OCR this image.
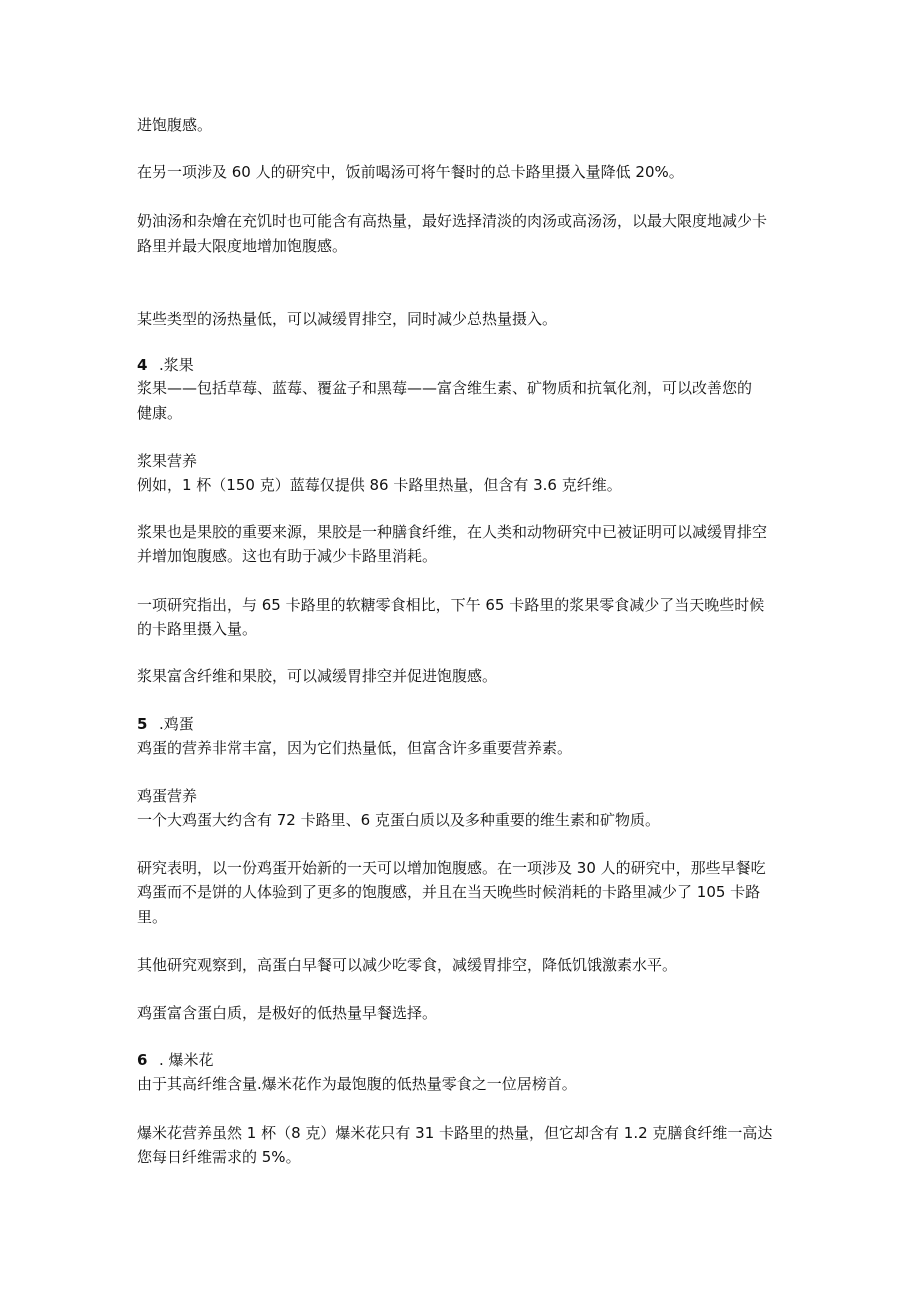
进饱腹感。
在另一项涉及 60 人的研究中，饭前喝汤可将午餐时的总卡路里摄入量降低 20%。
奶油汤和杂燴在充饥时也可能含有高热量，最好选择清淡的肉汤或高汤汤，以最大限度地减少卡
路里并最大限度地增加饱腹感。
某些类型的汤热量低，可以减缓胃排空，同时减少总热量摄入。
4 .浆果
浆果——包括草莓、蓝莓、覆盆子和黑莓——富含维生素、矿物质和抗氧化剂，可以改善您的
健康。
浆果营养
例如，1 杯（150 克）蓝莓仅提供 86 卡路里热量，但含有 3.6 克纤维。
浆果也是果胶的重要来源，果胶是一种膳食纤维，在人类和动物研究中已被证明可以减缓胃排空
并增加饱腹感。这也有助于减少卡路里消耗。
一项研究指出，与 65 卡路里的软糖零食相比，下午 65 卡路里的浆果零食减少了当天晚些时候
的卡路里摄入量。
浆果富含纤维和果胶，可以减缓胃排空并促进饱腹感。
5 .鸡蛋
鸡蛋的营养非常丰富，因为它们热量低，但富含许多重要营养素。
鸡蛋营养
一个大鸡蛋大约含有 72 卡路里、6 克蛋白质以及多种重要的维生素和矿物质。
研究表明，以一份鸡蛋开始新的一天可以增加饱腹感。在一项涉及 30 人的研究中，那些早餐吃
鸡蛋而不是饼的人体验到了更多的饱腹感，并且在当天晚些时候消耗的卡路里减少了 105 卡路
里。
其他研究观察到，高蛋白早餐可以减少吃零食，减缓胃排空，降低饥饿激素水平。
鸡蛋富含蛋白质，是极好的低热量早餐选择。
6 . 爆米花
由于其高纤维含量.爆米花作为最饱腹的低热量零食之一位居榜首。
爆米花营养虽然 1 杯（8 克）爆米花只有 31 卡路里的热量，但它却含有 1.2 克膳食纤维一高达
您每日纤维需求的 5%。
